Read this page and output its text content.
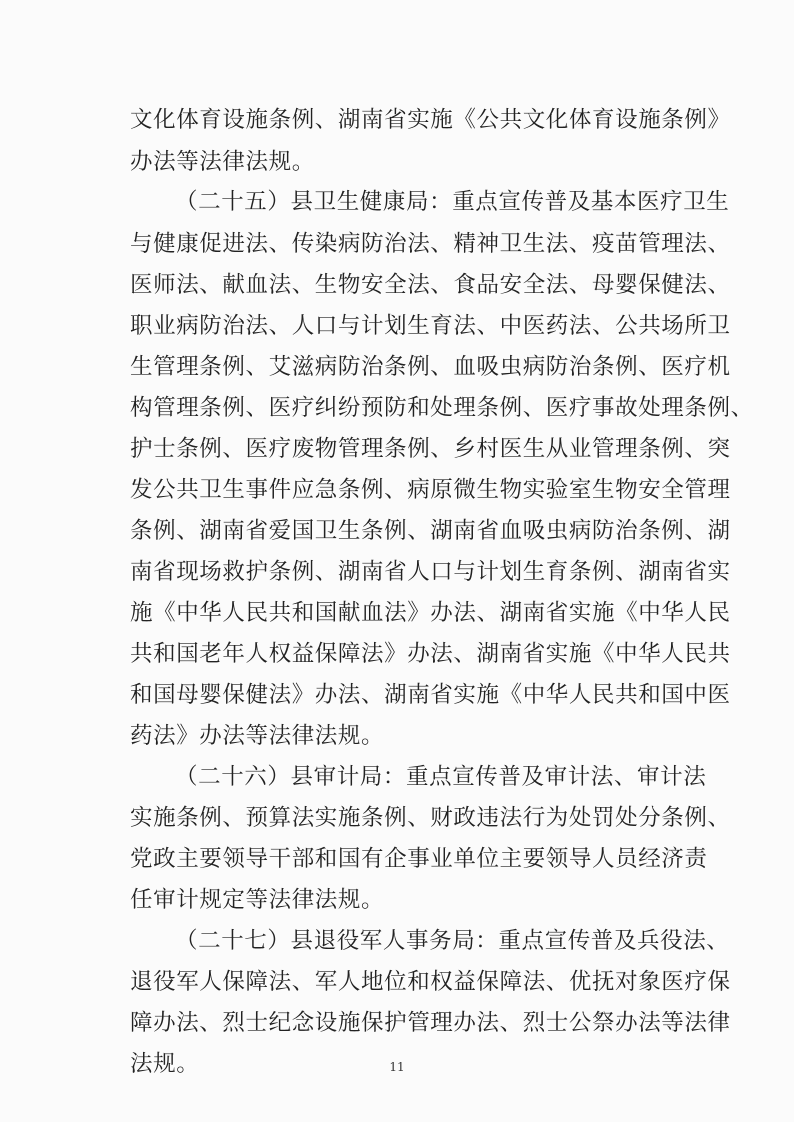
文化体育设施条例、湖南省实施《公共文化体育设施条例》
办法等法律法规。
（二十五）县卫生健康局：重点宣传普及基本医疗卫生
与健康促进法、传染病防治法、精神卫生法、疫苗管理法、
医师法、献血法、生物安全法、食品安全法、母婴保健法、
职业病防治法、人口与计划生育法、中医药法、公共场所卫
生管理条例、艾滋病防治条例、血吸虫病防治条例、医疗机
构管理条例、医疗纠纷预防和处理条例、医疗事故处理条例、
护士条例、医疗废物管理条例、乡村医生从业管理条例、突
发公共卫生事件应急条例、病原微生物实验室生物安全管理
条例、湖南省爱国卫生条例、湖南省血吸虫病防治条例、湖
南省现场救护条例、湖南省人口与计划生育条例、湖南省实
施《中华人民共和国献血法》办法、湖南省实施《中华人民
共和国老年人权益保障法》办法、湖南省实施《中华人民共
和国母婴保健法》办法、湖南省实施《中华人民共和国中医
药法》办法等法律法规。
（二十六）县审计局：重点宣传普及审计法、审计法
实施条例、预算法实施条例、财政违法行为处罚处分条例、
党政主要领导干部和国有企事业单位主要领导人员经济责
任审计规定等法律法规。
（二十七）县退役军人事务局：重点宣传普及兵役法、
退役军人保障法、军人地位和权益保障法、优抚对象医疗保
障办法、烈士纪念设施保护管理办法、烈士公祭办法等法律
法规。	11
